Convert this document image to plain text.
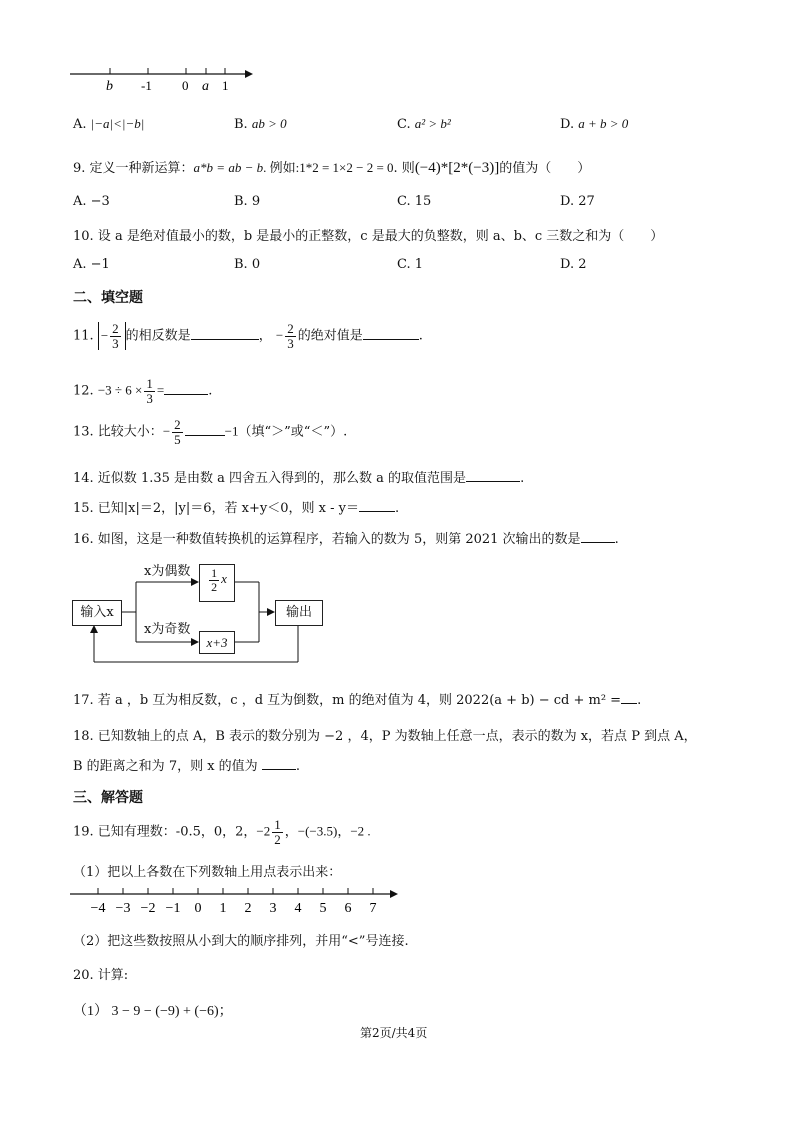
b -1 0 a 1
A. |−a|<|−b|	B. ab > 0	C. a² > b²	D. a + b > 0
9. 定义一种新运算：a*b = ab − b. 例如:1*2 = 1×2 − 2 = 0. 则(−4)*[2*(−3)]的值为（　　）
A. −3	B. 9	C. 15	D. 27
10. 设 a 是绝对值最小的数，b 是最小的正整数，c 是最大的负整数，则 a、b、c 三数之和为（　　）
A. −1	B. 0	C. 1	D. 2
二、填空题
11. − $\frac{2}{3}$ 的相反数是	， − $\frac{2}{3}$ 的绝对值是	.
12. $-3 \div 6 \times \frac{1}{3}$ =	.
13. 比较大小：− $\frac{2}{5}$	−1（填“＞”或“＜”）.
14. 近似数 1.35 是由数 a 四舍五入得到的，那么数 a 的取值范围是	.
15. 已知|x|＝2，|y|＝6，若 x+y＜0，则 x - y＝	.
16. 如图，这是一种数值转换机的运算程序，若输入的数为 5，则第 2021 次输出的数是	.
输入x
x为偶数
x为奇数
$\frac{1}{2}$ x
x+3
输出
17. 若 a ，b 互为相反数，c ，d 互为倒数，m 的绝对值为 4，则 2022(a + b) − cd + m² = .
18. 已知数轴上的点 A，B 表示的数分别为 −2 ，4，P 为数轴上任意一点，表示的数为 x，若点 P 到点 A，
B 的距离之和为 7，则 x 的值为	.
三、解答题
19. 已知有理数：-0.5，0，2，$-2 \frac{1}{2}$ ，−(−3.5)，−2 .
（1）把以上各数在下列数轴上用点表示出来：
−4 −3 −2 −1 0 1 2 3 4 5 6 7
（2）把这些数按照从小到大的顺序排列，并用“<”号连接.
20. 计算:
（1） 3 − 9 − (−9) + (−6)；
第2页/共4页
